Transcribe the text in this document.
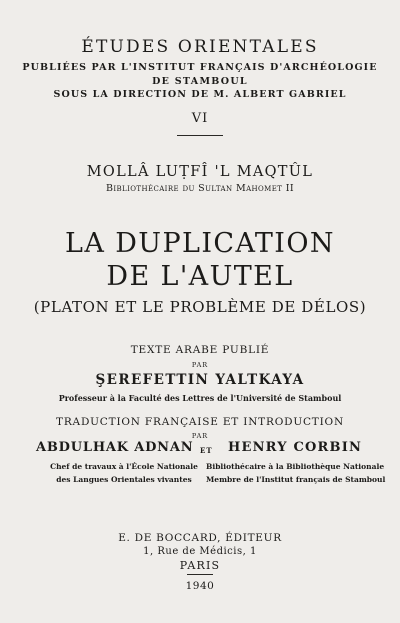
ÉTUDES ORIENTALES
PUBLIÉES PAR L'INSTITUT FRANÇAIS D'ARCHÉOLOGIE
DE STAMBOUL
SOUS LA DIRECTION DE M. ALBERT GABRIEL
VI
MOLLÂ LUṬFÎ 'L MAQTÛL
Bibliothécaire du Sultan Mahomet II
LA DUPLICATION
DE L'AUTEL
(PLATON ET LE PROBLÈME DE DÉLOS)
TEXTE ARABE PUBLIÉ
PAR
ŞEREFETTIN YALTKAYA
Professeur à la Faculté des Lettres de l'Université de Stamboul
TRADUCTION FRANÇAISE ET INTRODUCTION
PAR
ABDULHAK ADNAN ET HENRY CORBIN
Chef de travaux à l'École Nationale
des Langues Orientales vivantes
Bibliothécaire à la Bibliothèque Nationale
Membre de l'Institut français de Stamboul
E. DE BOCCARD, ÉDITEUR
1, Rue de Médicis, 1
PARIS
1940
